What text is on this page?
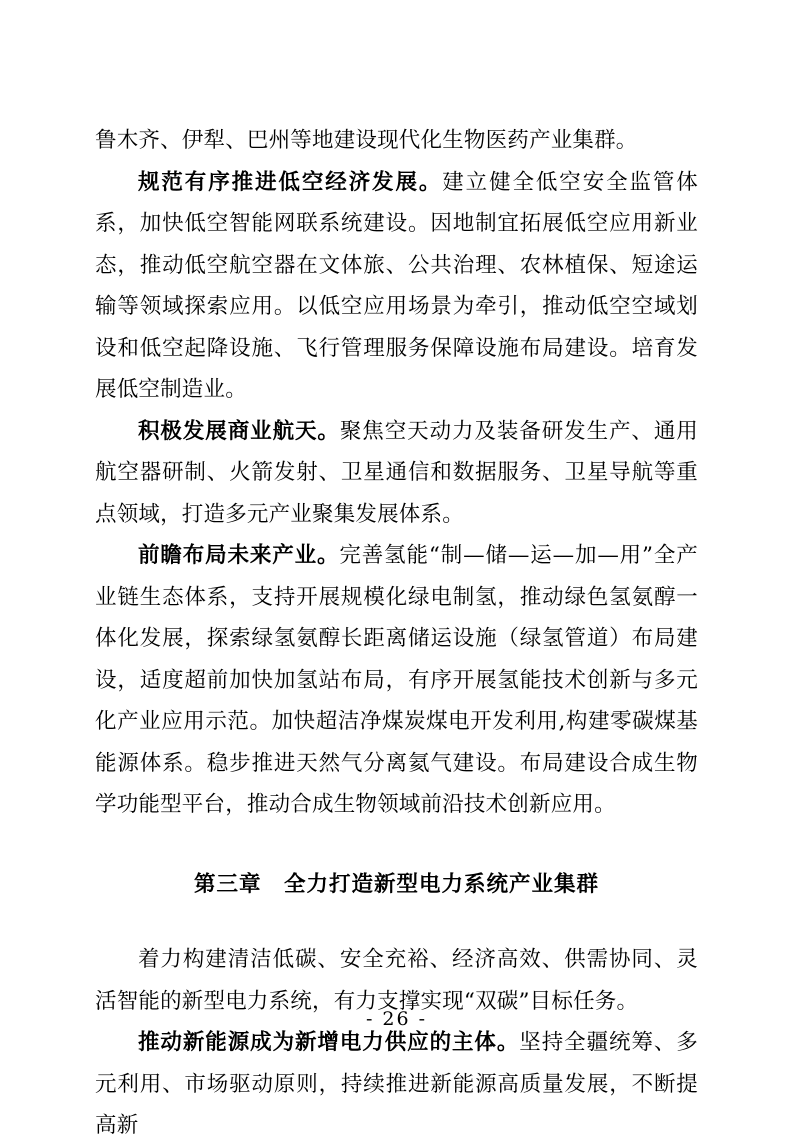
鲁木齐、伊犁、巴州等地建设现代化生物医药产业集群。

规范有序推进低空经济发展。建立健全低空安全监管体系，加快低空智能网联系统建设。因地制宜拓展低空应用新业态，推动低空航空器在文体旅、公共治理、农林植保、短途运输等领域探索应用。以低空应用场景为牵引，推动低空空域划设和低空起降设施、飞行管理服务保障设施布局建设。培育发展低空制造业。

积极发展商业航天。聚焦空天动力及装备研发生产、通用航空器研制、火箭发射、卫星通信和数据服务、卫星导航等重点领域，打造多元产业聚集发展体系。

前瞻布局未来产业。完善氢能“制—储—运—加—用”全产业链生态体系，支持开展规模化绿电制氢，推动绿色氢氨醇一体化发展，探索绿氢氨醇长距离储运设施（绿氢管道）布局建设，适度超前加快加氢站布局，有序开展氢能技术创新与多元化产业应用示范。加快超洁净煤炭煤电开发利用,构建零碳煤基能源体系。稳步推进天然气分离氦气建设。布局建设合成生物学功能型平台，推动合成生物领域前沿技术创新应用。

第三章　全力打造新型电力系统产业集群

着力构建清洁低碳、安全充裕、经济高效、供需协同、灵活智能的新型电力系统，有力支撑实现“双碳”目标任务。

推动新能源成为新增电力供应的主体。坚持全疆统筹、多元利用、市场驱动原则，持续推进新能源高质量发展，不断提高新

- 26 -
